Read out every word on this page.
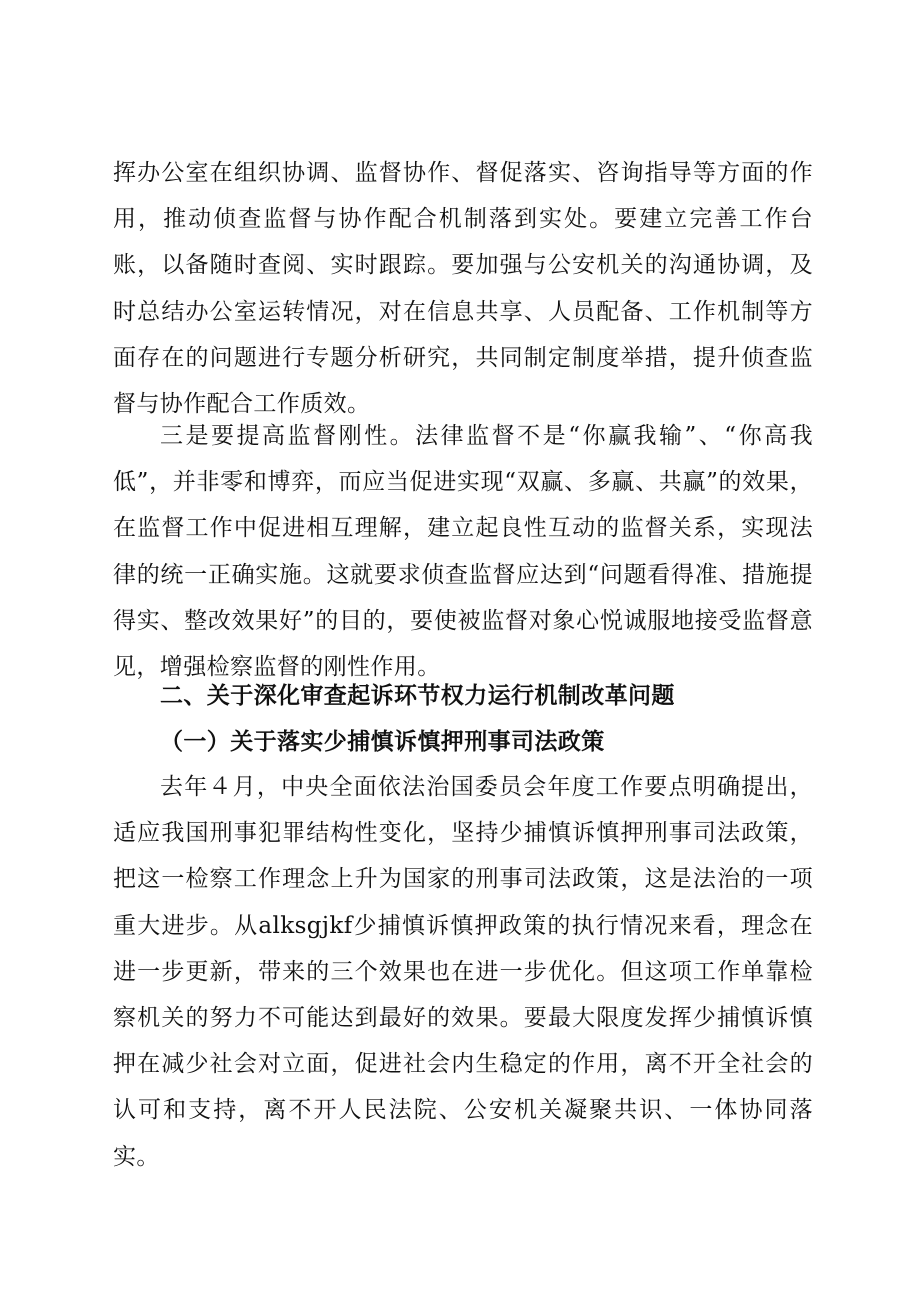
挥办公室在组织协调、监督协作、督促落实、咨询指导等方面的作用，推动侦查监督与协作配合机制落到实处。要建立完善工作台账，以备随时查阅、实时跟踪。要加强与公安机关的沟通协调，及时总结办公室运转情况，对在信息共享、人员配备、工作机制等方面存在的问题进行专题分析研究，共同制定制度举措，提升侦查监督与协作配合工作质效。

三是要提高监督刚性。法律监督不是“你赢我输”、“你高我低”，并非零和博弈，而应当促进实现“双赢、多赢、共赢”的效果，在监督工作中促进相互理解，建立起良性互动的监督关系，实现法律的统一正确实施。这就要求侦查监督应达到“问题看得准、措施提得实、整改效果好”的目的，要使被监督对象心悦诚服地接受监督意见，增强检察监督的刚性作用。

二、关于深化审查起诉环节权力运行机制改革问题
（一）关于落实少捕慎诉慎押刑事司法政策

去年４月，中央全面依法治国委员会年度工作要点明确提出，适应我国刑事犯罪结构性变化，坚持少捕慎诉慎押刑事司法政策，把这一检察工作理念上升为国家的刑事司法政策，这是法治的一项重大进步。从alksgjkf少捕慎诉慎押政策的执行情况来看，理念在进一步更新，带来的三个效果也在进一步优化。但这项工作单靠检察机关的努力不可能达到最好的效果。要最大限度发挥少捕慎诉慎押在减少社会对立面，促进社会内生稳定的作用，离不开全社会的认可和支持，离不开人民法院、公安机关凝聚共识、一体协同落实。
